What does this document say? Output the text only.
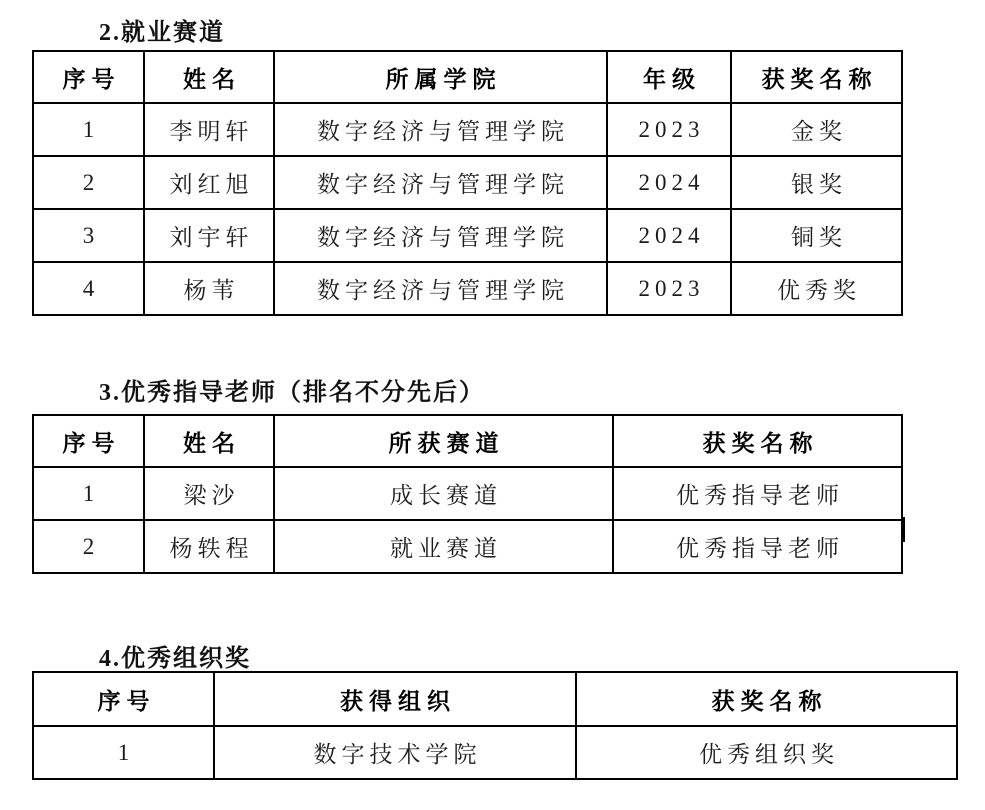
2.就业赛道
序号	姓名	所属学院	年级	获奖名称
1	李明轩	数字经济与管理学院	2023	金奖
2	刘红旭	数字经济与管理学院	2024	银奖
3	刘宇轩	数字经济与管理学院	2024	铜奖
4	杨苇	数字经济与管理学院	2023	优秀奖
3.优秀指导老师（排名不分先后）
序号	姓名	所获赛道	获奖名称
1	梁沙	成长赛道	优秀指导老师
2	杨轶程	就业赛道	优秀指导老师
4.优秀组织奖
序号	获得组织	获奖名称
1	数字技术学院	优秀组织奖
